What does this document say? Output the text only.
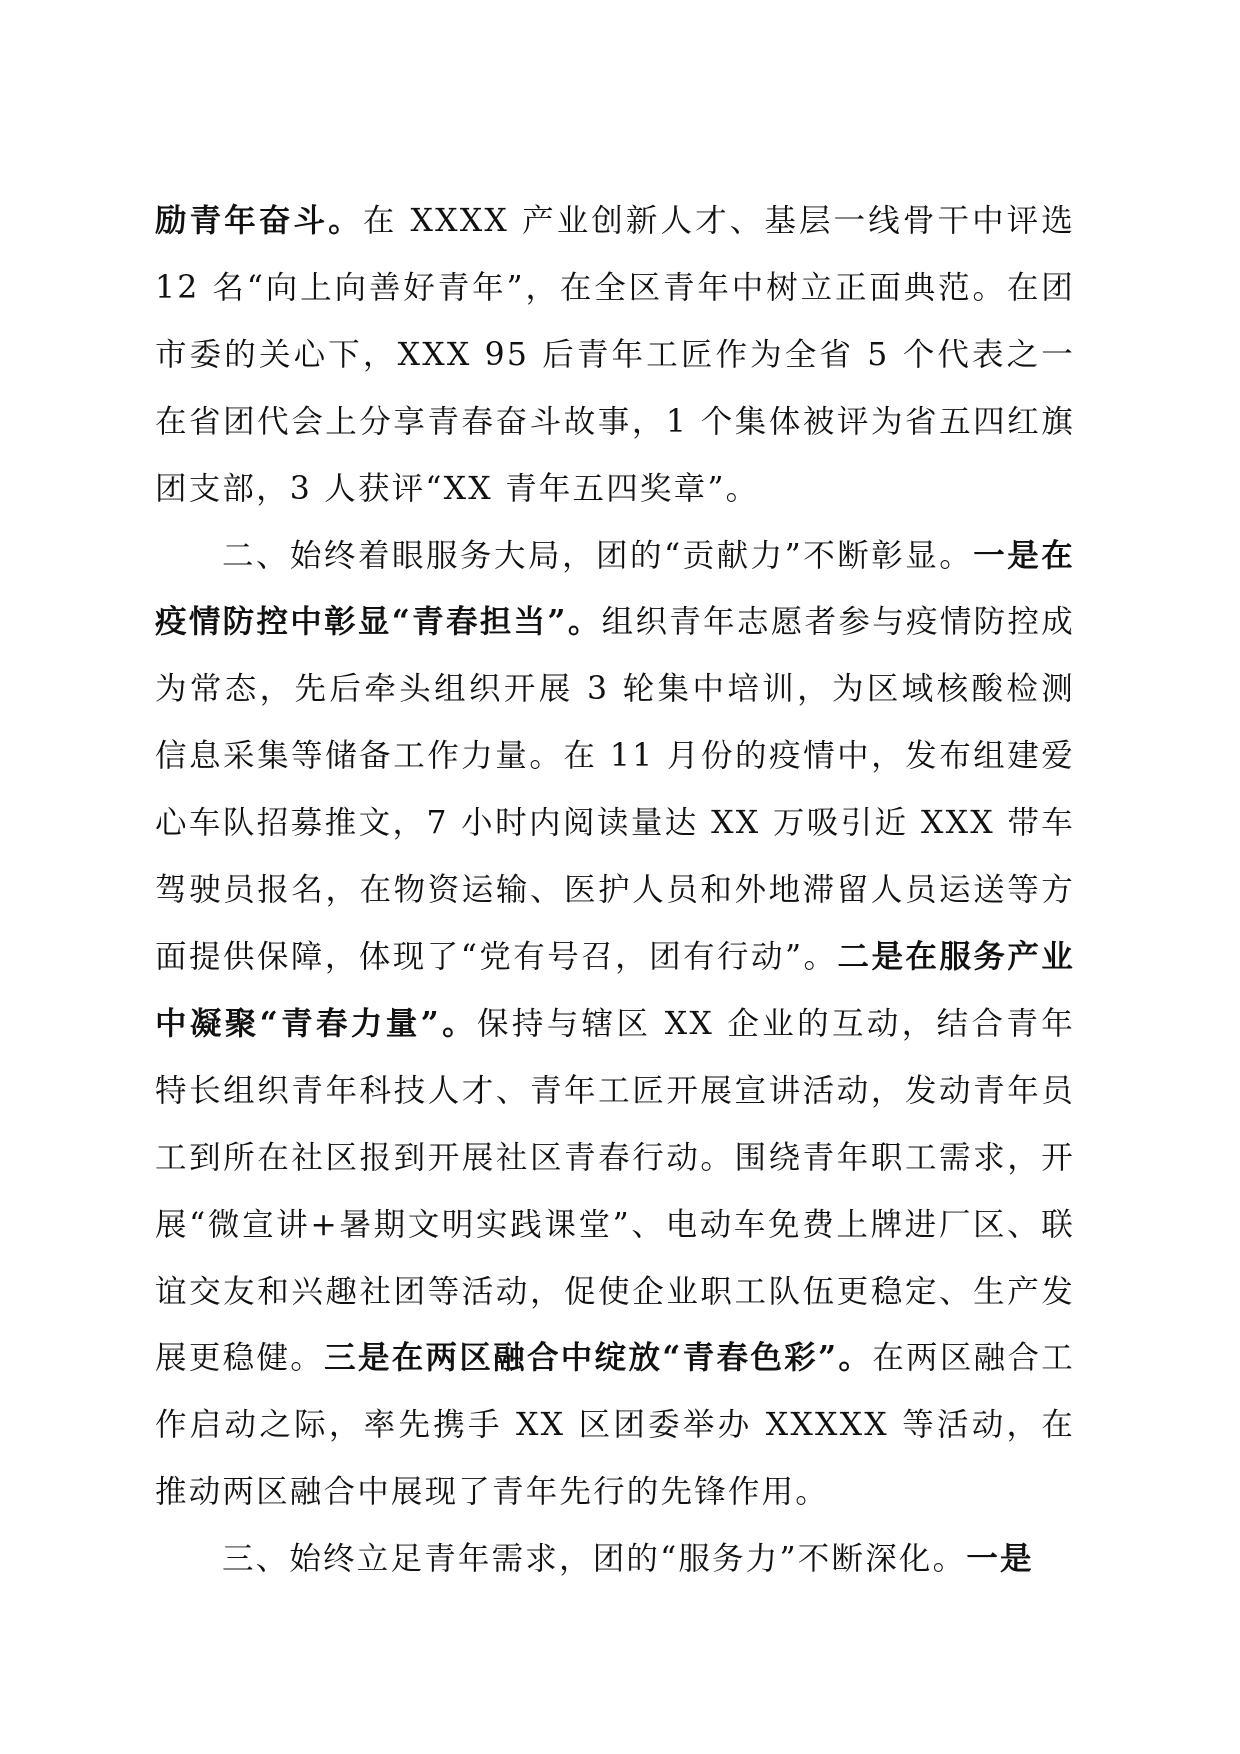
励青年奋斗。在 XXXX 产业创新人才、基层一线骨干中评选 12 名“向上向善好青年”，在全区青年中树立正面典范。在团市委的关心下，XXX 95 后青年工匠作为全省 5 个代表之一在省团代会上分享青春奋斗故事，1 个集体被评为省五四红旗团支部，3 人获评“XX 青年五四奖章”。

二、始终着眼服务大局，团的“贡献力”不断彰显。一是在疫情防控中彰显“青春担当”。组织青年志愿者参与疫情防控成为常态，先后牵头组织开展 3 轮集中培训，为区域核酸检测信息采集等储备工作力量。在 11 月份的疫情中，发布组建爱心车队招募推文，7 小时内阅读量达 XX 万吸引近 XXX 带车驾驶员报名，在物资运输、医护人员和外地滞留人员运送等方面提供保障，体现了“党有号召，团有行动”。二是在服务产业中凝聚“青春力量”。保持与辖区 XX 企业的互动，结合青年特长组织青年科技人才、青年工匠开展宣讲活动，发动青年员工到所在社区报到开展社区青春行动。围绕青年职工需求，开展“微宣讲+暑期文明实践课堂”、电动车免费上牌进厂区、联谊交友和兴趣社团等活动，促使企业职工队伍更稳定、生产发展更稳健。三是在两区融合中绽放“青春色彩”。在两区融合工作启动之际，率先携手 XX 区团委举办 XXXXX 等活动，在推动两区融合中展现了青年先行的先锋作用。

三、始终立足青年需求，团的“服务力”不断深化。一是
